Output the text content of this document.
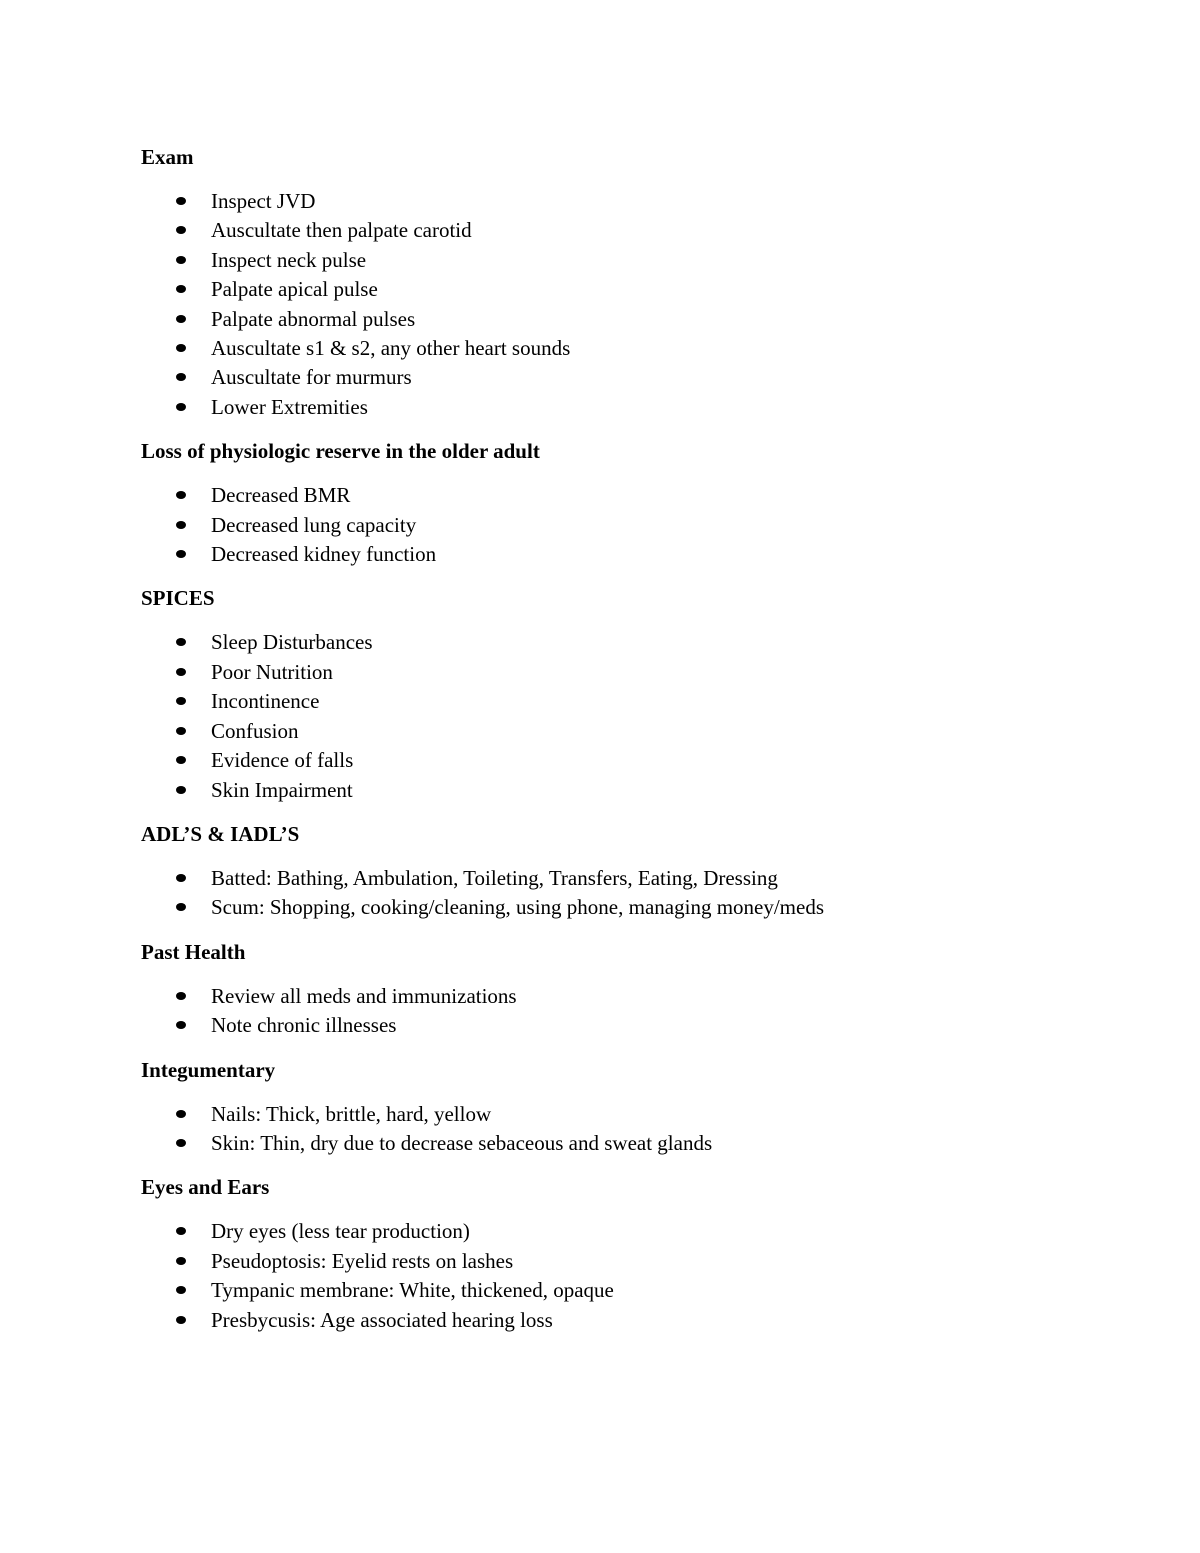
Exam
Inspect JVD
Auscultate then palpate carotid
Inspect neck pulse
Palpate apical pulse
Palpate abnormal pulses
Auscultate s1 & s2, any other heart sounds
Auscultate for murmurs
Lower Extremities
Loss of physiologic reserve in the older adult
Decreased BMR
Decreased lung capacity
Decreased kidney function
SPICES
Sleep Disturbances
Poor Nutrition
Incontinence
Confusion
Evidence of falls
Skin Impairment
ADL’S & IADL’S
Batted: Bathing, Ambulation, Toileting, Transfers, Eating, Dressing
Scum: Shopping, cooking/cleaning, using phone, managing money/meds
Past Health
Review all meds and immunizations
Note chronic illnesses
Integumentary
Nails: Thick, brittle, hard, yellow
Skin: Thin, dry due to decrease sebaceous and sweat glands
Eyes and Ears
Dry eyes (less tear production)
Pseudoptosis: Eyelid rests on lashes
Tympanic membrane: White, thickened, opaque
Presbycusis: Age associated hearing loss
